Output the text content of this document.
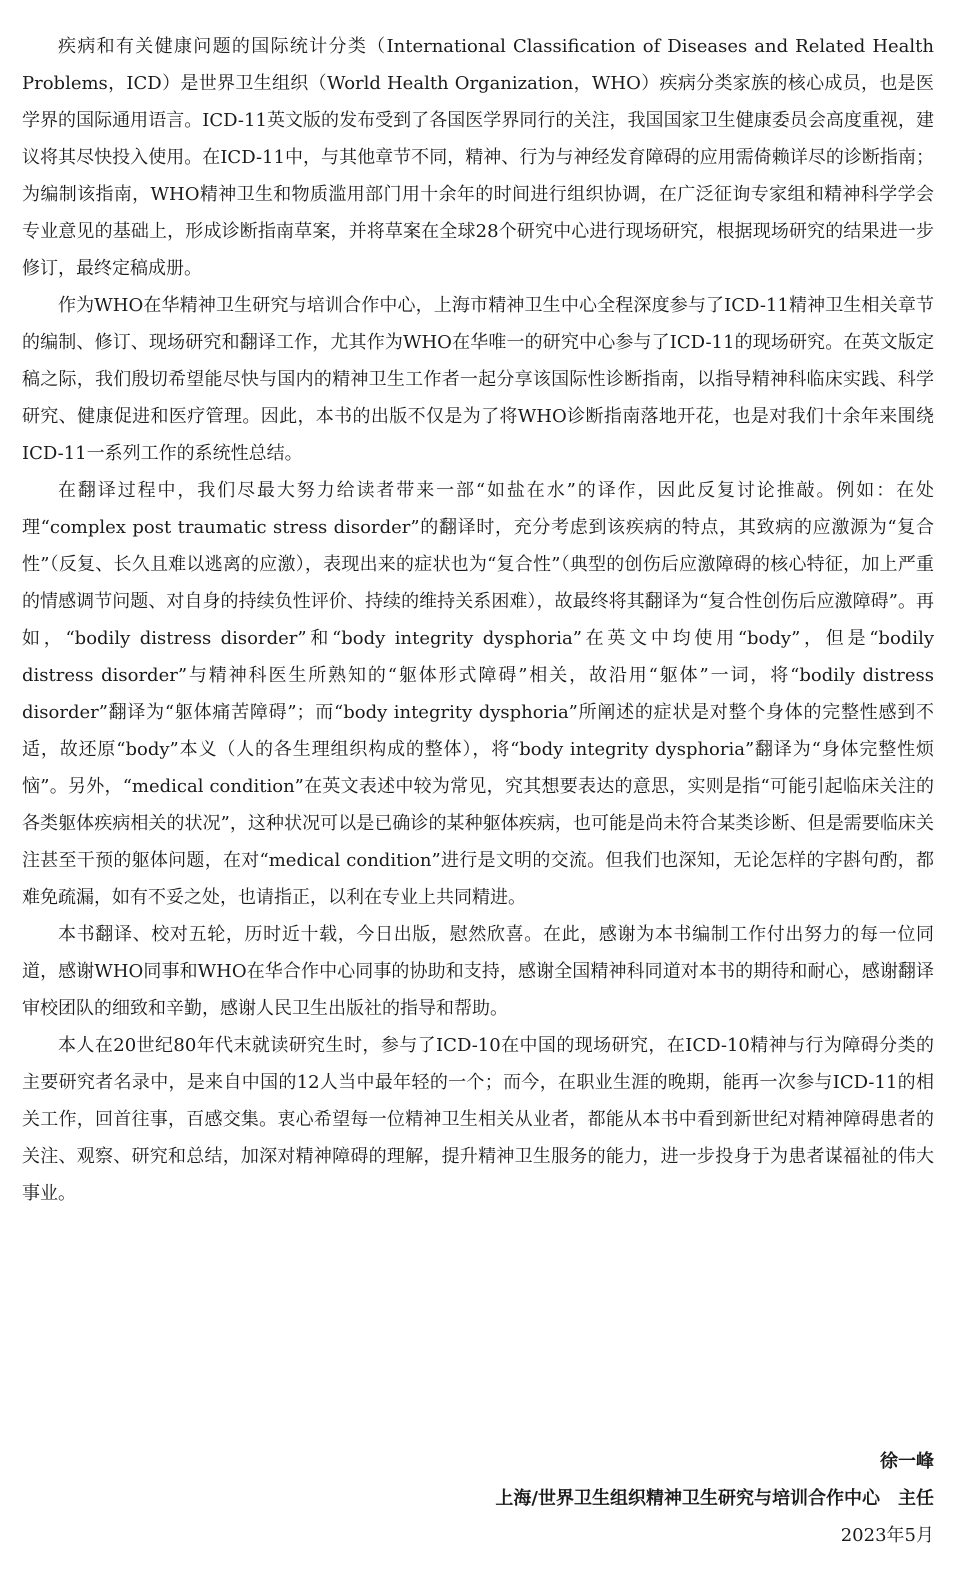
疾病和有关健康问题的国际统计分类（International Classification of Diseases and Related Health Problems，ICD）是世界卫生组织（World Health Organization，WHO）疾病分类家族的核心成员，也是医学界的国际通用语言。ICD-11英文版的发布受到了各国医学界同行的关注，我国国家卫生健康委员会高度重视，建议将其尽快投入使用。在ICD-11中，与其他章节不同，精神、行为与神经发育障碍的应用需倚赖详尽的诊断指南；为编制该指南，WHO精神卫生和物质滥用部门用十余年的时间进行组织协调，在广泛征询专家组和精神科学学会专业意见的基础上，形成诊断指南草案，并将草案在全球28个研究中心进行现场研究，根据现场研究的结果进一步修订，最终定稿成册。

作为WHO在华精神卫生研究与培训合作中心，上海市精神卫生中心全程深度参与了ICD-11精神卫生相关章节的编制、修订、现场研究和翻译工作，尤其作为WHO在华唯一的研究中心参与了ICD-11的现场研究。在英文版定稿之际，我们殷切希望能尽快与国内的精神卫生工作者一起分享该国际性诊断指南，以指导精神科临床实践、科学研究、健康促进和医疗管理。因此，本书的出版不仅是为了将WHO诊断指南落地开花，也是对我们十余年来围绕ICD-11一系列工作的系统性总结。

在翻译过程中，我们尽最大努力给读者带来一部“如盐在水”的译作，因此反复讨论推敲。例如：在处理“complex post traumatic stress disorder”的翻译时，充分考虑到该疾病的特点，其致病的应激源为“复合性”（反复、长久且难以逃离的应激），表现出来的症状也为“复合性”（典型的创伤后应激障碍的核心特征，加上严重的情感调节问题、对自身的持续负性评价、持续的维持关系困难），故最终将其翻译为“复合性创伤后应激障碍”。再如，“bodily distress disorder”和“body integrity dysphoria”在英文中均使用“body”，但是“bodily distress disorder”与精神科医生所熟知的“躯体形式障碍”相关，故沿用“躯体”一词，将“bodily distress disorder”翻译为“躯体痛苦障碍”；而“body integrity dysphoria”所阐述的症状是对整个身体的完整性感到不适，故还原“body”本义（人的各生理组织构成的整体），将“body integrity dysphoria”翻译为“身体完整性烦恼”。另外，“medical condition”在英文表述中较为常见，究其想要表达的意思，实则是指“可能引起临床关注的各类躯体疾病相关的状况”，这种状况可以是已确诊的某种躯体疾病，也可能是尚未符合某类诊断、但是需要临床关注甚至干预的躯体问题，在对“medical condition”进行是文明的交流。但我们也深知，无论怎样的字斟句酌，都难免疏漏，如有不妥之处，也请指正，以利在专业上共同精进。

本书翻译、校对五轮，历时近十载，今日出版，慰然欣喜。在此，感谢为本书编制工作付出努力的每一位同道，感谢WHO同事和WHO在华合作中心同事的协助和支持，感谢全国精神科同道对本书的期待和耐心，感谢翻译审校团队的细致和辛勤，感谢人民卫生出版社的指导和帮助。

本人在20世纪80年代末就读研究生时，参与了ICD-10在中国的现场研究，在ICD-10精神与行为障碍分类的主要研究者名录中，是来自中国的12人当中最年轻的一个；而今，在职业生涯的晚期，能再一次参与ICD-11的相关工作，回首往事，百感交集。衷心希望每一位精神卫生相关从业者，都能从本书中看到新世纪对精神障碍患者的关注、观察、研究和总结，加深对精神障碍的理解，提升精神卫生服务的能力，进一步投身于为患者谋福祉的伟大事业。

徐一峰

上海/世界卫生组织精神卫生研究与培训合作中心　主任

2023年5月
